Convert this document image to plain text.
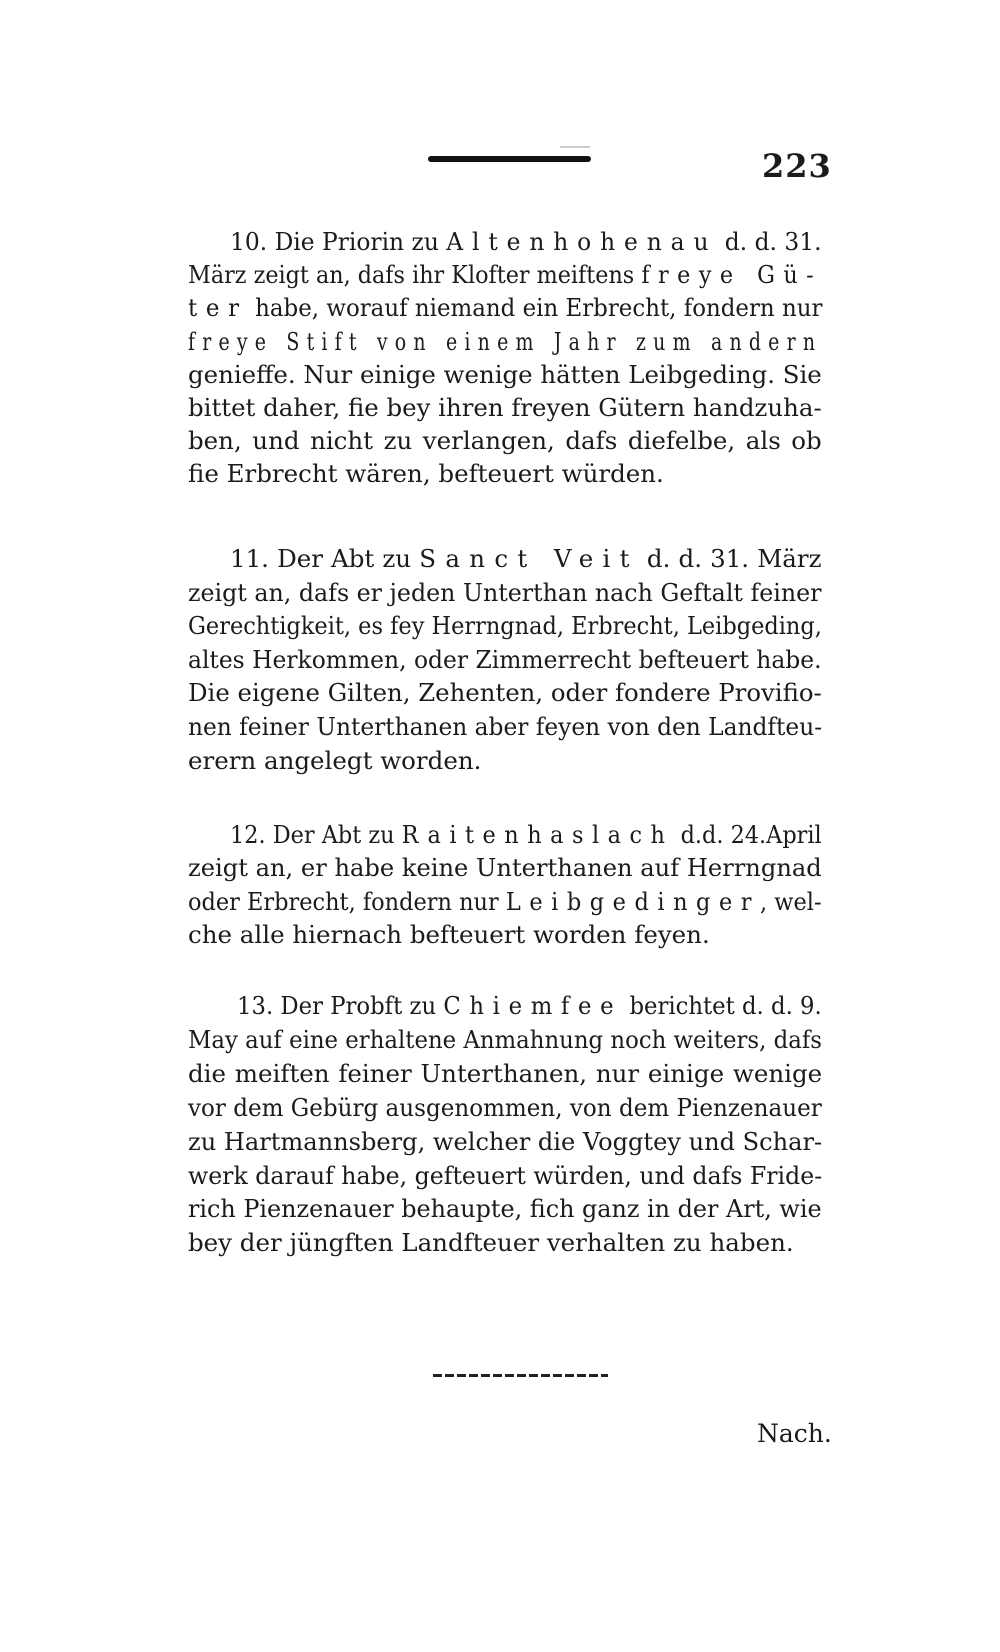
223
10. Die Priorin zu Altenhohenau d. d. 31.
März zeigt an, dafs ihr Klofter meiftens freye Gü-
ter habe, worauf niemand ein Erbrecht, fondern nur
freye Stift von einem Jahr zum andern
genieffe. Nur einige wenige hätten Leibgeding. Sie
bittet daher, fie bey ihren freyen Gütern handzuha-
ben, und nicht zu verlangen, dafs diefelbe, als ob
fie Erbrecht wären, befteuert würden.
11. Der Abt zu Sanct Veit d. d. 31. März
zeigt an, dafs er jeden Unterthan nach Geftalt feiner
Gerechtigkeit, es fey Herrngnad, Erbrecht, Leibgeding,
altes Herkommen, oder Zimmerrecht befteuert habe.
Die eigene Gilten, Zehenten, oder fondere Provifio-
nen feiner Unterthanen aber feyen von den Landfteu-
erern angelegt worden.
12. Der Abt zu Raitenhaslach d.d. 24.April
zeigt an, er habe keine Unterthanen auf Herrngnad
oder Erbrecht, fondern nur Leibgedinger, wel-
che alle hiernach befteuert worden feyen.
13. Der Probft zu Chiemfee berichtet d. d. 9.
May auf eine erhaltene Anmahnung noch weiters, dafs
die meiften feiner Unterthanen, nur einige wenige
vor dem Gebürg ausgenommen, von dem Pienzenauer
zu Hartmannsberg, welcher die Voggtey und Schar-
werk darauf habe, gefteuert würden, und dafs Fride-
rich Pienzenauer behaupte, fich ganz in der Art, wie
bey der jüngften Landfteuer verhalten zu haben.
Nach.
